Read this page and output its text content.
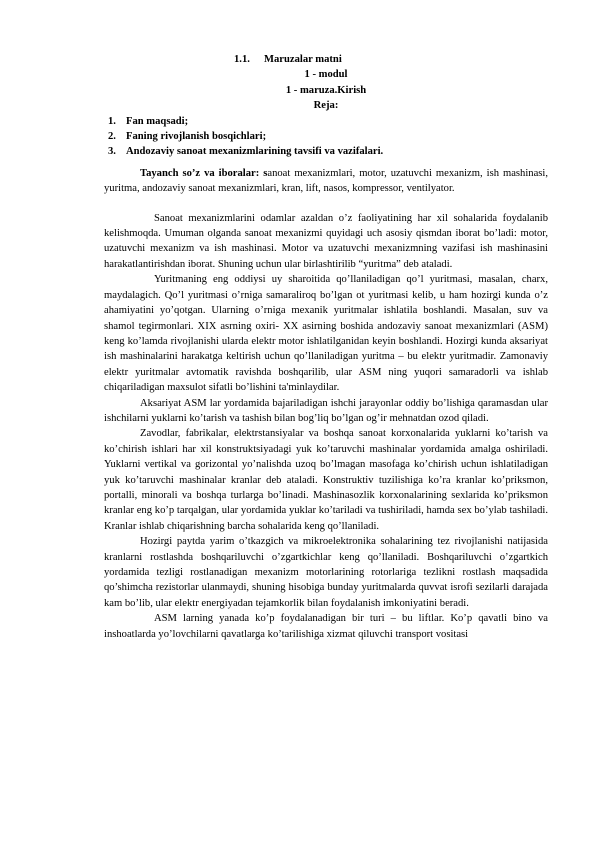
1.1. Maruzalar matni
1 - modul
1 - maruza.Kirish
Reja:
1. Fan maqsadi;
2. Faning rivojlanish bosqichlari;
3. Andozaviy sanoat mexanizmlarining tavsifi va vazifalari.

Tayanch so’z va iboralar: sanoat mexanizmlari, motor, uzatuvchi mexanizm, ish mashinasi, yuritma, andozaviy sanoat mexanizmlari, kran, lift, nasos, kompressor, ventilyator.

Sanoat mexanizmlarini odamlar azaldan o’z faoliyatining har xil sohalarida foydalanib kelishmoqda. Umuman olganda sanoat mexanizmi quyidagi uch asosiy qismdan iborat bo’ladi: motor, uzatuvchi mexanizm va ish mashinasi. Motor va uzatuvchi mexanizmning vazifasi ish mashinasini harakatlantirishdan iborat. Shuning uchun ular birlashtirilib “yuritma” deb ataladi.

Yuritmaning eng oddiysi uy sharoitida qo’llaniladigan qo’l yuritmasi, masalan, charx, maydalagich. Qo’l yuritmasi o’rniga samaraliroq bo’lgan ot yuritmasi kelib, u ham hozirgi kunda o’z ahamiyatini yo’qotgan. Ularning o’rniga mexanik yuritmalar ishlatila boshlandi. Masalan, suv va shamol tegirmonlari. XIX asrning oxiri- XX asirning boshida andozaviy sanoat mexanizmlari (ASM) keng ko’lamda rivojlanishi ularda elektr motor ishlatilganidan keyin boshlandi. Hozirgi kunda aksariyat ish mashinalarini harakatga keltirish uchun qo’llaniladigan yuritma – bu elektr yuritmadir. Zamonaviy elektr yuritmalar avtomatik ravishda boshqarilib, ular ASM ning yuqori samaradorli va ishlab chiqariladigan maxsulot sifatli bo’lishini ta'minlaydilar.

Aksariyat ASM lar yordamida bajariladigan ishchi jarayonlar oddiy bo’lishiga qaramasdan ular ishchilarni yuklarni ko’tarish va tashish bilan bog’liq bo’lgan og’ir mehnatdan ozod qiladi.

Zavodlar, fabrikalar, elektrstansiyalar va boshqa sanoat korxonalarida yuklarni ko’tarish va ko’chirish ishlari har xil konstruktsiyadagi yuk ko’taruvchi mashinalar yordamida amalga oshiriladi. Yuklarni vertikal va gorizontal yo’nalishda uzoq bo’lmagan masofaga ko’chirish uchun ishlatiladigan yuk ko’taruvchi mashinalar kranlar deb ataladi. Konstruktiv tuzilishiga ko’ra kranlar ko’priksmon, portalli, minorali va boshqa turlarga bo’linadi. Mashinasozlik korxonalarining sexlarida ko’priksmon kranlar eng ko’p tarqalgan, ular yordamida yuklar ko’tariladi va tushiriladi, hamda sex bo’ylab tashiladi. Kranlar ishlab chiqarishning barcha sohalarida keng qo’llaniladi.

Hozirgi paytda yarim o’tkazgich va mikroelektronika sohalarining tez rivojlanishi natijasida kranlarni rostlashda boshqariluvchi o’zgartkichlar keng qo’llaniladi. Boshqariluvchi o’zgartkich yordamida tezligi rostlanadigan mexanizm motorlarining rotorlariga tezlikni rostlash maqsadida qo’shimcha rezistorlar ulanmaydi, shuning hisobiga bunday yuritmalarda quvvat isrofi sezilarli darajada kam bo’lib, ular elektr energiyadan tejamkorlik bilan foydalanish imkoniyatini beradi.

ASM larning yanada ko’p foydalanadigan bir turi – bu liftlar. Ko’p qavatli bino va inshoatlarda yo’lovchilarni qavatlarga ko’tarilishiga xizmat qiluvchi transport vositasi
